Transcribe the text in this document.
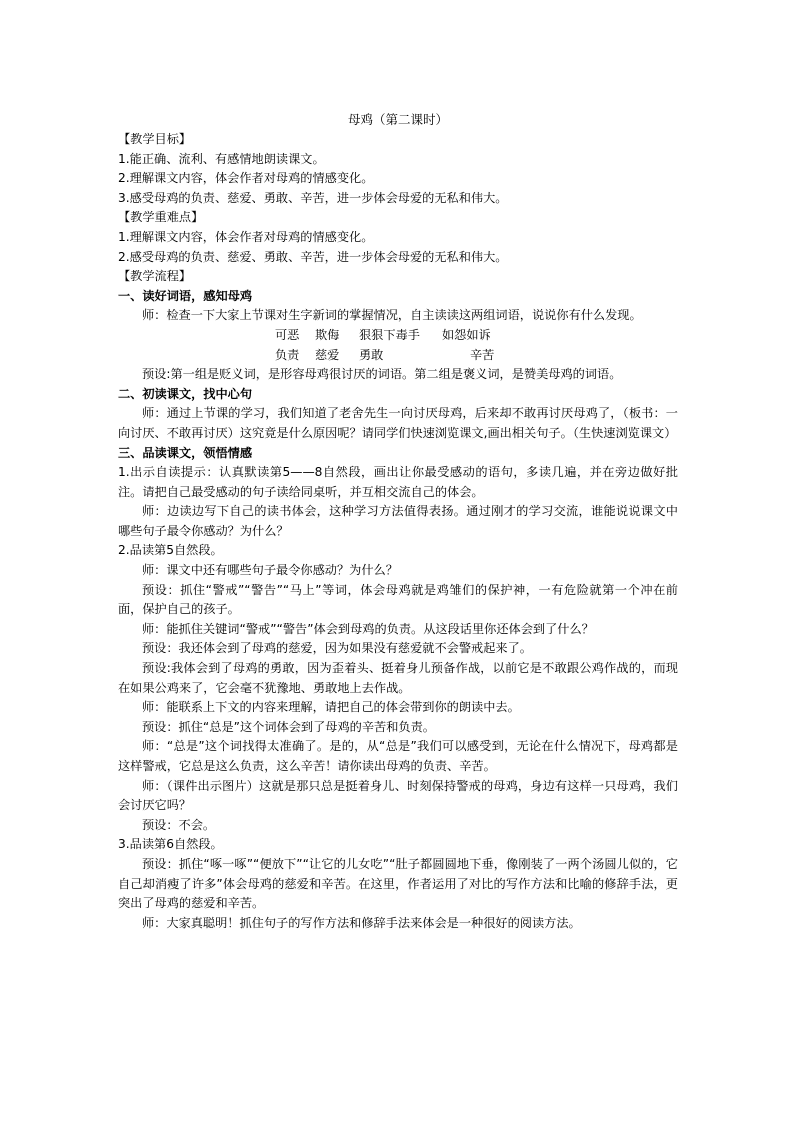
母鸡（第二课时）
【教学目标】
1.能正确、流利、有感情地朗读课文。
2.理解课文内容，体会作者对母鸡的情感变化。
3.感受母鸡的负责、慈爱、勇敢、辛苦，进一步体会母爱的无私和伟大。
【教学重难点】
1.理解课文内容，体会作者对母鸡的情感变化。
2.感受母鸡的负责、慈爱、勇敢、辛苦，进一步体会母爱的无私和伟大。
【教学流程】
一、读好词语，感知母鸡
师：检查一下大家上节课对生字新词的掌握情况，自主读读这两组词语，说说你有什么发现。
可恶	欺侮	狠狠下毒手	如怨如诉
负责	慈爱	勇敢	辛苦
预设:第一组是贬义词，是形容母鸡很讨厌的词语。第二组是褒义词，是赞美母鸡的词语。
二、初读课文，找中心句
师：通过上节课的学习，我们知道了老舍先生一向讨厌母鸡，后来却不敢再讨厌母鸡了，（板书：一向讨厌、不敢再讨厌）这究竟是什么原因呢？请同学们快速浏览课文,画出相关句子。（生快速浏览课文）
三、品读课文，领悟情感
1.出示自读提示：认真默读第5——8自然段，画出让你最受感动的语句，多读几遍，并在旁边做好批注。请把自己最受感动的句子读给同桌听，并互相交流自己的体会。
师：边读边写下自己的读书体会，这种学习方法值得表扬。通过刚才的学习交流，谁能说说课文中哪些句子最令你感动？为什么？
2.品读第5自然段。
师：课文中还有哪些句子最令你感动？为什么？
预设：抓住“警戒”“警告”“马上”等词，体会母鸡就是鸡雏们的保护神，一有危险就第一个冲在前面，保护自己的孩子。
师：能抓住关键词“警戒”“警告”体会到母鸡的负责。从这段话里你还体会到了什么？
预设：我还体会到了母鸡的慈爱，因为如果没有慈爱就不会警戒起来了。
预设:我体会到了母鸡的勇敢，因为歪着头、挺着身儿预备作战，以前它是不敢跟公鸡作战的，而现在如果公鸡来了，它会毫不犹豫地、勇敢地上去作战。
师：能联系上下文的内容来理解，请把自己的体会带到你的朗读中去。
预设：抓住“总是”这个词体会到了母鸡的辛苦和负责。
师：“总是”这个词找得太准确了。是的，从“总是”我们可以感受到，无论在什么情况下，母鸡都是这样警戒，它总是这么负责，这么辛苦！请你读出母鸡的负责、辛苦。
师：（课件出示图片）这就是那只总是挺着身儿、时刻保持警戒的母鸡，身边有这样一只母鸡，我们会讨厌它吗？
预设：不会。
3.品读第6自然段。
预设：抓住“啄一啄”“便放下”“让它的儿女吃”“肚子都圆圆地下垂，像刚装了一两个汤圆儿似的，它自己却消瘦了许多”体会母鸡的慈爱和辛苦。在这里，作者运用了对比的写作方法和比喻的修辞手法，更突出了母鸡的慈爱和辛苦。
师：大家真聪明！抓住句子的写作方法和修辞手法来体会是一种很好的阅读方法。
